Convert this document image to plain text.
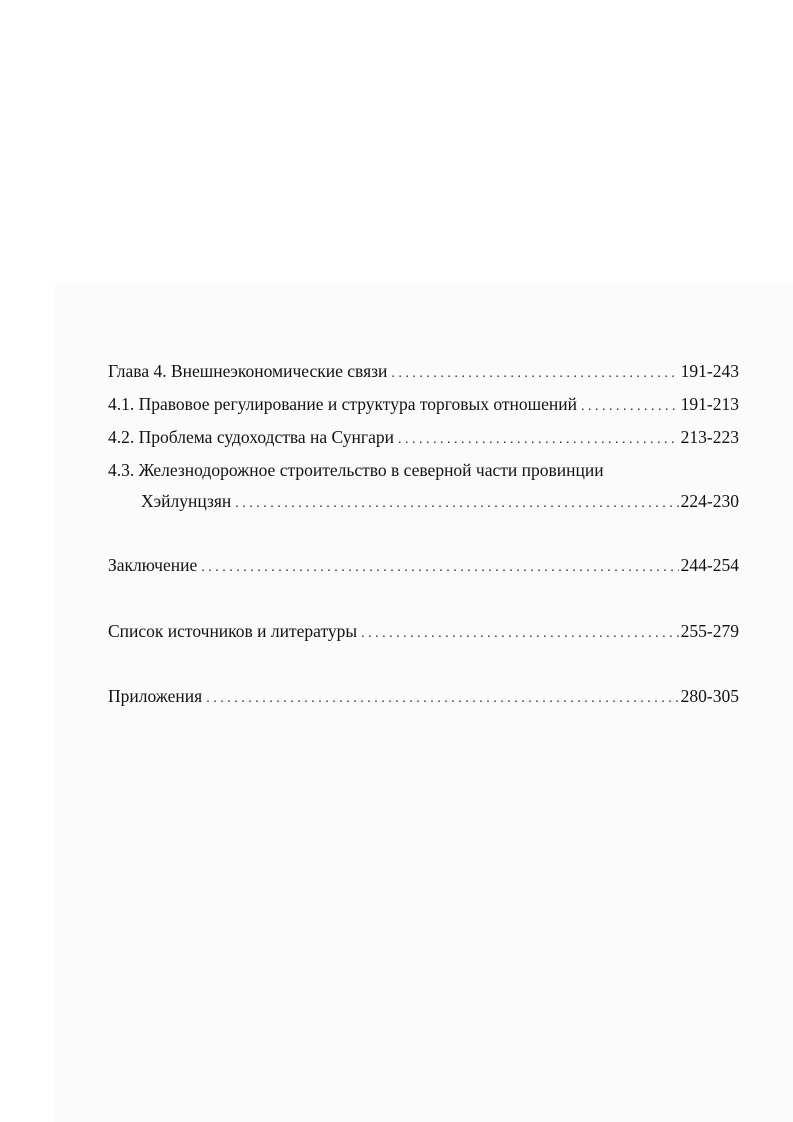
Глава 4. Внешнеэкономические связи . . .	191-243
4.1. Правовое регулирование и структура торговых отношений . . .	191-213
4.2. Проблема судоходства на Сунгари . . .	213-223
4.3. Железнодорожное строительство в северной части провинции
Хэйлунцзян . . .	224-230
Заключение . . .	244-254
Список источников и литературы . . .	255-279
Приложения . . .	280-305
